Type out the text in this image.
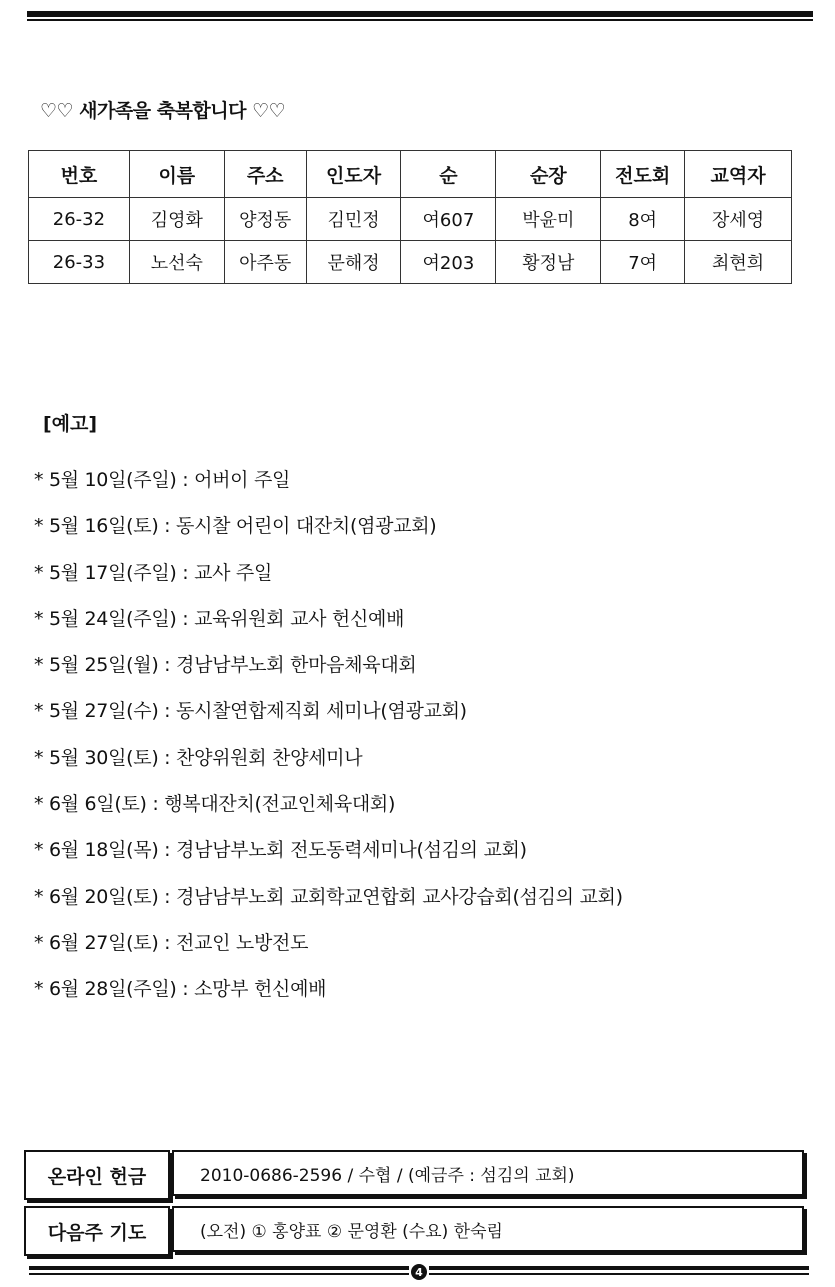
♡♡ 새가족을 축복합니다 ♡♡
번호	이름	주소	인도자	순	순장	전도회	교역자
26-32	김영화	양정동	김민정	여607	박윤미	8여	장세영
26-33	노선숙	아주동	문해정	여203	황정남	7여	최현희
[예고]
* 5월 10일(주일) : 어버이 주일
* 5월 16일(토) : 동시찰 어린이 대잔치(염광교회)
* 5월 17일(주일) : 교사 주일
* 5월 24일(주일) : 교육위원회 교사 헌신예배
* 5월 25일(월) : 경남남부노회 한마음체육대회
* 5월 27일(수) : 동시찰연합제직회 세미나(염광교회)
* 5월 30일(토) : 찬양위원회 찬양세미나
* 6월 6일(토) : 행복대잔치(전교인체육대회)
* 6월 18일(목) : 경남남부노회 전도동력세미나(섬김의 교회)
* 6월 20일(토) : 경남남부노회 교회학교연합회 교사강습회(섬김의 교회)
* 6월 27일(토) : 전교인 노방전도
* 6월 28일(주일) : 소망부 헌신예배
온라인 헌금	2010-0686-2596 / 수협 / (예금주 : 섬김의 교회)
다음주 기도	(오전) ① 홍양표 ② 문영환 (수요) 한숙림
4
